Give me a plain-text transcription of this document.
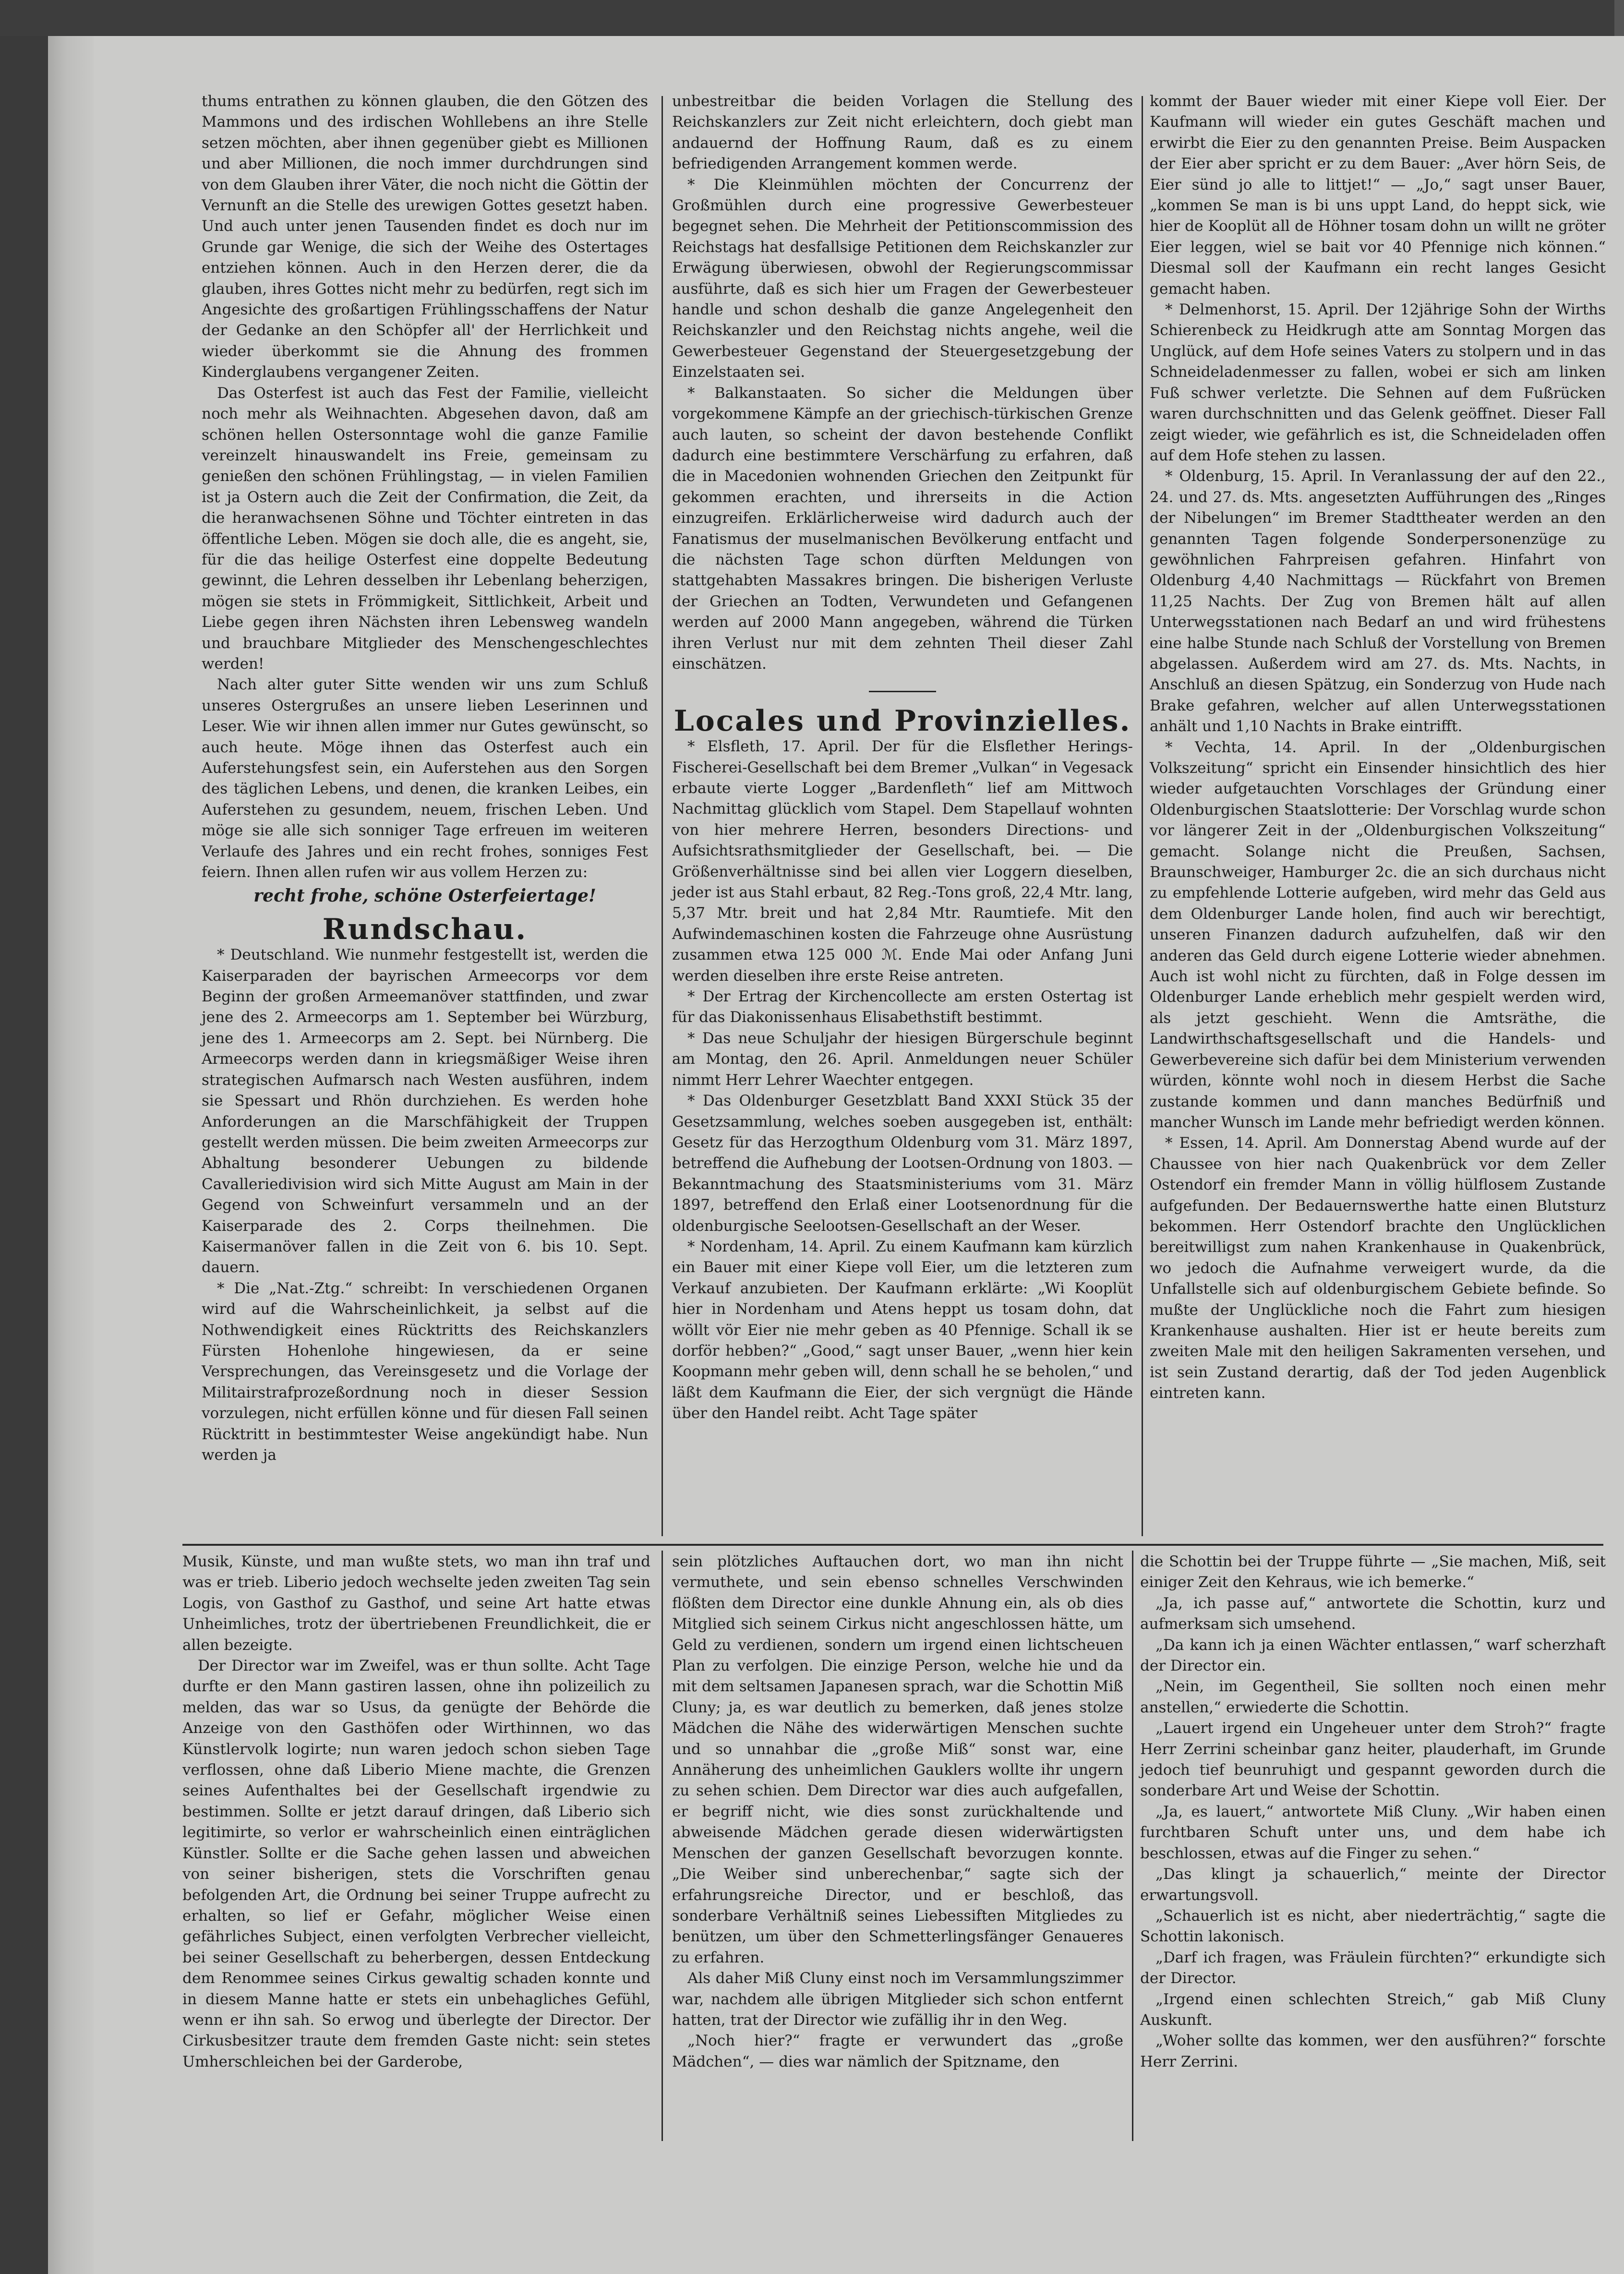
thums entrathen zu können glauben, die den Götzen des Mammons und des irdischen Wohllebens an ihre Stelle setzen möchten, aber ihnen gegenüber giebt es Millionen und aber Millionen, die noch immer durchdrungen sind von dem Glauben ihrer Väter, die noch nicht die Göttin der Vernunft an die Stelle des urewigen Gottes gesetzt haben. Und auch unter jenen Tausenden findet es doch nur im Grunde gar Wenige, die sich der Weihe des Ostertages entziehen können. Auch in den Herzen derer, die da glauben, ihres Gottes nicht mehr zu bedürfen, regt sich im Angesichte des großartigen Frühlingsschaffens der Natur der Gedanke an den Schöpfer all' der Herrlichkeit und wieder überkommt sie die Ahnung des frommen Kinderglaubens vergangener Zeiten.

Das Osterfest ist auch das Fest der Familie, vielleicht noch mehr als Weihnachten. Abgesehen davon, daß am schönen hellen Ostersonntage wohl die ganze Familie vereinzelt hinauswandelt ins Freie, gemeinsam zu genießen den schönen Frühlingstag, — in vielen Familien ist ja Ostern auch die Zeit der Confirmation, die Zeit, da die heranwachsenen Söhne und Töchter eintreten in das öffentliche Leben. Mögen sie doch alle, die es angeht, sie, für die das heilige Osterfest eine doppelte Bedeutung gewinnt, die Lehren desselben ihr Lebenlang beherzigen, mögen sie stets in Frömmigkeit, Sittlichkeit, Arbeit und Liebe gegen ihren Nächsten ihren Lebensweg wandeln und brauchbare Mitglieder des Menschengeschlechtes werden!

Nach alter guter Sitte wenden wir uns zum Schluß unseres Ostergrußes an unsere lieben Leserinnen und Leser. Wie wir ihnen allen immer nur Gutes gewünscht, so auch heute. Möge ihnen das Osterfest auch ein Auferstehungsfest sein, ein Auferstehen aus den Sorgen des täglichen Lebens, und denen, die kranken Leibes, ein Auferstehen zu gesundem, neuem, frischen Leben. Und möge sie alle sich sonniger Tage erfreuen im weiteren Verlaufe des Jahres und ein recht frohes, sonniges Fest feiern. Ihnen allen rufen wir aus vollem Herzen zu:

recht frohe, schöne Osterfeiertage!
Rundschau.

* Deutschland. Wie nunmehr festgestellt ist, werden die Kaiserparaden der bayrischen Armeecorps vor dem Beginn der großen Armeemanöver stattfinden, und zwar jene des 2. Armeecorps am 1. September bei Würzburg, jene des 1. Armeecorps am 2. Sept. bei Nürnberg. Die Armeecorps werden dann in kriegsmäßiger Weise ihren strategischen Aufmarsch nach Westen ausführen, indem sie Spessart und Rhön durchziehen. Es werden hohe Anforderungen an die Marschfähigkeit der Truppen gestellt werden müssen. Die beim zweiten Armeecorps zur Abhaltung besonderer Uebungen zu bildende Cavalleriedivision wird sich Mitte August am Main in der Gegend von Schweinfurt versammeln und an der Kaiserparade des 2. Corps theilnehmen. Die Kaisermanöver fallen in die Zeit von 6. bis 10. Sept. dauern.

* Die „Nat.-Ztg.“ schreibt: In verschiedenen Organen wird auf die Wahrscheinlichkeit, ja selbst auf die Nothwendigkeit eines Rücktritts des Reichskanzlers Fürsten Hohenlohe hingewiesen, da er seine Versprechungen, das Vereinsgesetz und die Vorlage der Militairstrafprozeßordnung noch in dieser Session vorzulegen, nicht erfüllen könne und für diesen Fall seinen Rücktritt in bestimmtester Weise angekündigt habe. Nun werden ja

unbestreitbar die beiden Vorlagen die Stellung des Reichskanzlers zur Zeit nicht erleichtern, doch giebt man andauernd der Hoffnung Raum, daß es zu einem befriedigenden Arrangement kommen werde.

* Die Kleinmühlen möchten der Concurrenz der Großmühlen durch eine progressive Gewerbesteuer begegnet sehen. Die Mehrheit der Petitionscommission des Reichstags hat desfallsige Petitionen dem Reichskanzler zur Erwägung überwiesen, obwohl der Regierungscommissar ausführte, daß es sich hier um Fragen der Gewerbesteuer handle und schon deshalb die ganze Angelegenheit den Reichskanzler und den Reichstag nichts angehe, weil die Gewerbesteuer Gegenstand der Steuergesetzgebung der Einzelstaaten sei.

* Balkanstaaten. So sicher die Meldungen über vorgekommene Kämpfe an der griechisch-türkischen Grenze auch lauten, so scheint der davon bestehende Conflikt dadurch eine bestimmtere Verschärfung zu erfahren, daß die in Macedonien wohnenden Griechen den Zeitpunkt für gekommen erachten, und ihrerseits in die Action einzugreifen. Erklärlicherweise wird dadurch auch der Fanatismus der muselmanischen Bevölkerung entfacht und die nächsten Tage schon dürften Meldungen von stattgehabten Massakres bringen. Die bisherigen Verluste der Griechen an Todten, Verwundeten und Gefangenen werden auf 2000 Mann angegeben, während die Türken ihren Verlust nur mit dem zehnten Theil dieser Zahl einschätzen.

Locales und Provinzielles.

* Elsfleth, 17. April. Der für die Elsflether Herings-Fischerei-Gesellschaft bei dem Bremer „Vulkan“ in Vegesack erbaute vierte Logger „Bardenfleth“ lief am Mittwoch Nachmittag glücklich vom Stapel. Dem Stapellauf wohnten von hier mehrere Herren, besonders Directions- und Aufsichtsrathsmitglieder der Gesellschaft, bei. — Die Größenverhältnisse sind bei allen vier Loggern dieselben, jeder ist aus Stahl erbaut, 82 Reg.-Tons groß, 22,4 Mtr. lang, 5,37 Mtr. breit und hat 2,84 Mtr. Raumtiefe. Mit den Aufwindemaschinen kosten die Fahrzeuge ohne Ausrüstung zusammen etwa 125 000 ℳ. Ende Mai oder Anfang Juni werden dieselben ihre erste Reise antreten.

* Der Ertrag der Kirchencollecte am ersten Ostertag ist für das Diakonissenhaus Elisabethstift bestimmt.

* Das neue Schuljahr der hiesigen Bürgerschule beginnt am Montag, den 26. April. Anmeldungen neuer Schüler nimmt Herr Lehrer Waechter entgegen.

* Das Oldenburger Gesetzblatt Band XXXI Stück 35 der Gesetzsammlung, welches soeben ausgegeben ist, enthält: Gesetz für das Herzogthum Oldenburg vom 31. März 1897, betreffend die Aufhebung der Lootsen-Ordnung von 1803. — Bekanntmachung des Staatsministeriums vom 31. März 1897, betreffend den Erlaß einer Lootsenordnung für die oldenburgische Seelootsen-Gesellschaft an der Weser.

* Nordenham, 14. April. Zu einem Kaufmann kam kürzlich ein Bauer mit einer Kiepe voll Eier, um die letzteren zum Verkauf anzubieten. Der Kaufmann erklärte: „Wi Kooplüt hier in Nordenham und Atens heppt us tosam dohn, dat wöllt vör Eier nie mehr geben as 40 Pfennige. Schall ik se dorför hebben?“ „Good,“ sagt unser Bauer, „wenn hier kein Koopmann mehr geben will, denn schall he se beholen,“ und läßt dem Kaufmann die Eier, der sich vergnügt die Hände über den Handel reibt. Acht Tage später

kommt der Bauer wieder mit einer Kiepe voll Eier. Der Kaufmann will wieder ein gutes Geschäft machen und erwirbt die Eier zu den genannten Preise. Beim Auspacken der Eier aber spricht er zu dem Bauer: „Aver hörn Seis, de Eier sünd jo alle to littjet!“ — „Jo,“ sagt unser Bauer, „kommen Se man is bi uns uppt Land, do heppt sick, wie hier de Kooplüt all de Höhner tosam dohn un willt ne gröter Eier leggen, wiel se bait vor 40 Pfennige nich können.“ Diesmal soll der Kaufmann ein recht langes Gesicht gemacht haben.

* Delmenhorst, 15. April. Der 12jährige Sohn der Wirths Schierenbeck zu Heidkrugh atte am Sonntag Morgen das Unglück, auf dem Hofe seines Vaters zu stolpern und in das Schneideladenmesser zu fallen, wobei er sich am linken Fuß schwer verletzte. Die Sehnen auf dem Fußrücken waren durchschnitten und das Gelenk geöffnet. Dieser Fall zeigt wieder, wie gefährlich es ist, die Schneideladen offen auf dem Hofe stehen zu lassen.

* Oldenburg, 15. April. In Veranlassung der auf den 22., 24. und 27. ds. Mts. angesetzten Aufführungen des „Ringes der Nibelungen“ im Bremer Stadttheater werden an den genannten Tagen folgende Sonderpersonenzüge zu gewöhnlichen Fahrpreisen gefahren. Hinfahrt von Oldenburg 4,40 Nachmittags — Rückfahrt von Bremen 11,25 Nachts. Der Zug von Bremen hält auf allen Unterwegsstationen nach Bedarf an und wird frühestens eine halbe Stunde nach Schluß der Vorstellung von Bremen abgelassen. Außerdem wird am 27. ds. Mts. Nachts, in Anschluß an diesen Spätzug, ein Sonderzug von Hude nach Brake gefahren, welcher auf allen Unterwegsstationen anhält und 1,10 Nachts in Brake eintrifft.

* Vechta, 14. April. In der „Oldenburgischen Volkszeitung“ spricht ein Einsender hinsichtlich des hier wieder aufgetauchten Vorschlages der Gründung einer Oldenburgischen Staatslotterie: Der Vorschlag wurde schon vor längerer Zeit in der „Oldenburgischen Volkszeitung“ gemacht. Solange nicht die Preußen, Sachsen, Braunschweiger, Hamburger 2c. die an sich durchaus nicht zu empfehlende Lotterie aufgeben, wird mehr das Geld aus dem Oldenburger Lande holen, find auch wir berechtigt, unseren Finanzen dadurch aufzuhelfen, daß wir den anderen das Geld durch eigene Lotterie wieder abnehmen. Auch ist wohl nicht zu fürchten, daß in Folge dessen im Oldenburger Lande erheblich mehr gespielt werden wird, als jetzt geschieht. Wenn die Amtsräthe, die Landwirthschaftsgesellschaft und die Handels- und Gewerbevereine sich dafür bei dem Ministerium verwenden würden, könnte wohl noch in diesem Herbst die Sache zustande kommen und dann manches Bedürfniß und mancher Wunsch im Lande mehr befriedigt werden können.

* Essen, 14. April. Am Donnerstag Abend wurde auf der Chaussee von hier nach Quakenbrück vor dem Zeller Ostendorf ein fremder Mann in völlig hülflosem Zustande aufgefunden. Der Bedauernswerthe hatte einen Blutsturz bekommen. Herr Ostendorf brachte den Unglücklichen bereitwilligst zum nahen Krankenhause in Quakenbrück, wo jedoch die Aufnahme verweigert wurde, da die Unfallstelle sich auf oldenburgischem Gebiete befinde. So mußte der Unglückliche noch die Fahrt zum hiesigen Krankenhause aushalten. Hier ist er heute bereits zum zweiten Male mit den heiligen Sakramenten versehen, und ist sein Zustand derartig, daß der Tod jeden Augenblick eintreten kann.

Musik, Künste, und man wußte stets, wo man ihn traf und was er trieb. Liberio jedoch wechselte jeden zweiten Tag sein Logis, von Gasthof zu Gasthof, und seine Art hatte etwas Unheimliches, trotz der übertriebenen Freundlichkeit, die er allen bezeigte.

Der Director war im Zweifel, was er thun sollte. Acht Tage durfte er den Mann gastiren lassen, ohne ihn polizeilich zu melden, das war so Usus, da genügte der Behörde die Anzeige von den Gasthöfen oder Wirthinnen, wo das Künstlervolk logirte; nun waren jedoch schon sieben Tage verflossen, ohne daß Liberio Miene machte, die Grenzen seines Aufenthaltes bei der Gesellschaft irgendwie zu bestimmen. Sollte er jetzt darauf dringen, daß Liberio sich legitimirte, so verlor er wahrscheinlich einen einträglichen Künstler. Sollte er die Sache gehen lassen und abweichen von seiner bisherigen, stets die Vorschriften genau befolgenden Art, die Ordnung bei seiner Truppe aufrecht zu erhalten, so lief er Gefahr, möglicher Weise einen gefährliches Subject, einen verfolgten Verbrecher vielleicht, bei seiner Gesellschaft zu beherbergen, dessen Entdeckung dem Renommee seines Cirkus gewaltig schaden konnte und in diesem Manne hatte er stets ein unbehagliches Gefühl, wenn er ihn sah. So erwog und überlegte der Director. Der Cirkusbesitzer traute dem fremden Gaste nicht: sein stetes Umherschleichen bei der Garderobe,

sein plötzliches Auftauchen dort, wo man ihn nicht vermuthete, und sein ebenso schnelles Verschwinden flößten dem Director eine dunkle Ahnung ein, als ob dies Mitglied sich seinem Cirkus nicht angeschlossen hätte, um Geld zu verdienen, sondern um irgend einen lichtscheuen Plan zu verfolgen. Die einzige Person, welche hie und da mit dem seltsamen Japanesen sprach, war die Schottin Miß Cluny; ja, es war deutlich zu bemerken, daß jenes stolze Mädchen die Nähe des widerwärtigen Menschen suchte und so unnahbar die „große Miß“ sonst war, eine Annäherung des unheimlichen Gauklers wollte ihr ungern zu sehen schien. Dem Director war dies auch aufgefallen, er begriff nicht, wie dies sonst zurückhaltende und abweisende Mädchen gerade diesen widerwärtigsten Menschen der ganzen Gesellschaft bevorzugen konnte. „Die Weiber sind unberechenbar,“ sagte sich der erfahrungsreiche Director, und er beschloß, das sonderbare Verhältniß seines Liebessiften Mitgliedes zu benützen, um über den Schmetterlingsfänger Genaueres zu erfahren.

Als daher Miß Cluny einst noch im Versammlungszimmer war, nachdem alle übrigen Mitglieder sich schon entfernt hatten, trat der Director wie zufällig ihr in den Weg.

„Noch hier?“ fragte er verwundert das „große Mädchen“, — dies war nämlich der Spitzname, den

die Schottin bei der Truppe führte — „Sie machen, Miß, seit einiger Zeit den Kehraus, wie ich bemerke.“

„Ja, ich passe auf,“ antwortete die Schottin, kurz und aufmerksam sich umsehend.

„Da kann ich ja einen Wächter entlassen,“ warf scherzhaft der Director ein.

„Nein, im Gegentheil, Sie sollten noch einen mehr anstellen,“ erwiederte die Schottin.

„Lauert irgend ein Ungeheuer unter dem Stroh?“ fragte Herr Zerrini scheinbar ganz heiter, plauderhaft, im Grunde jedoch tief beunruhigt und gespannt geworden durch die sonderbare Art und Weise der Schottin.

„Ja, es lauert,“ antwortete Miß Cluny. „Wir haben einen furchtbaren Schuft unter uns, und dem habe ich beschlossen, etwas auf die Finger zu sehen.“

„Das klingt ja schauerlich,“ meinte der Director erwartungsvoll.

„Schauerlich ist es nicht, aber niederträchtig,“ sagte die Schottin lakonisch.

„Darf ich fragen, was Fräulein fürchten?“ erkundigte sich der Director.

„Irgend einen schlechten Streich,“ gab Miß Cluny Auskunft.

„Woher sollte das kommen, wer den ausführen?“ forschte Herr Zerrini.
